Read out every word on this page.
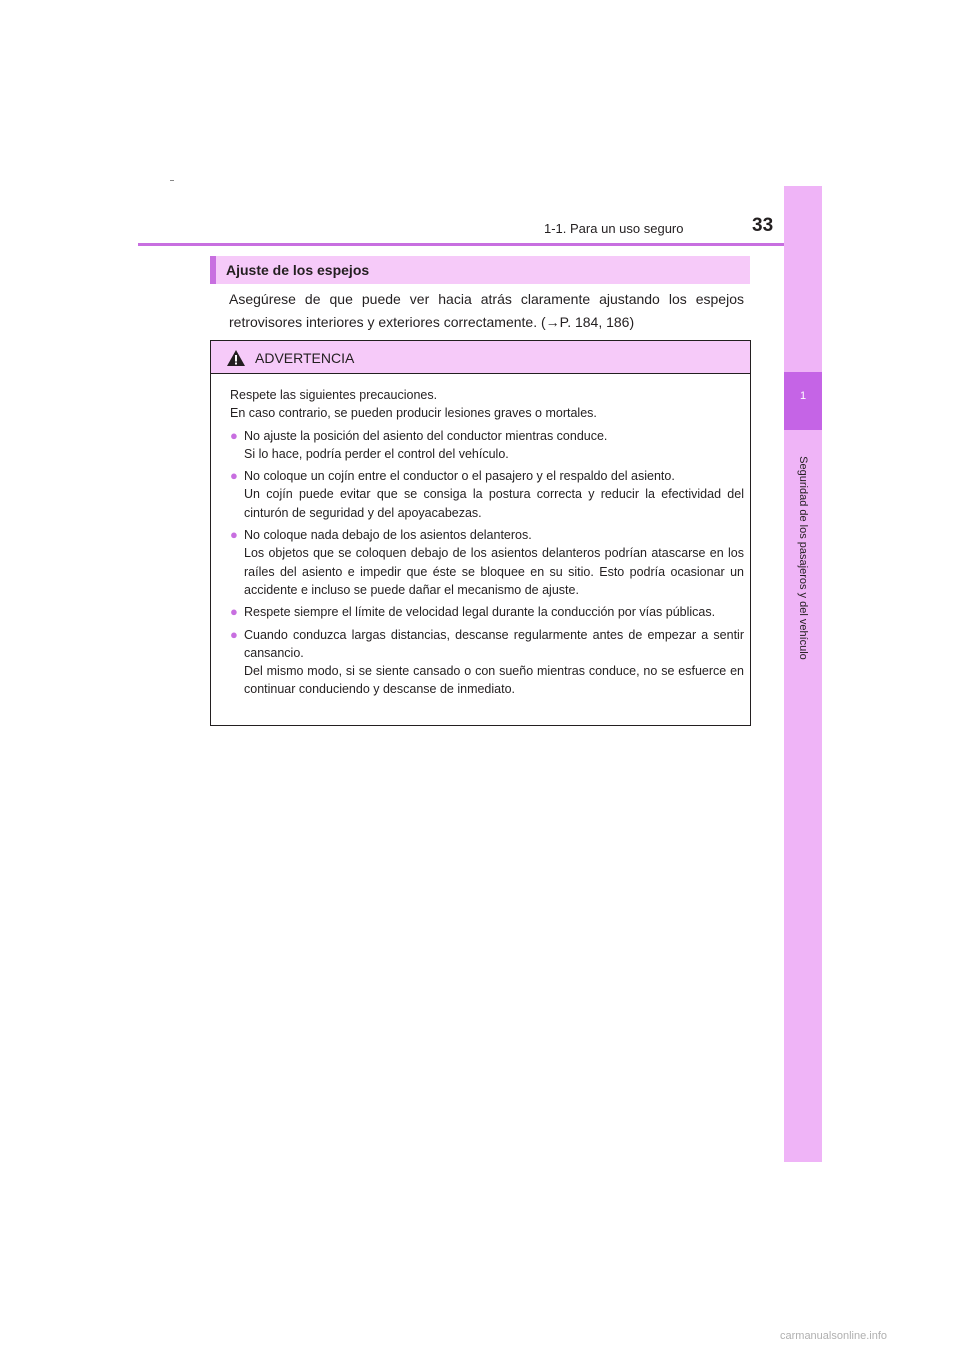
1-1. Para un uso seguro	33
1
Seguridad de los pasajeros y del vehículo
Ajuste de los espejos
Asegúrese de que puede ver hacia atrás claramente ajustando los espejos retrovisores interiores y exteriores correctamente. (→P. 184, 186)
ADVERTENCIA

Respete las siguientes precauciones.

En caso contrario, se pueden producir lesiones graves o mortales.

● No ajuste la posición del asiento del conductor mientras conduce.
Si lo hace, podría perder el control del vehículo.
● No coloque un cojín entre el conductor o el pasajero y el respaldo del asiento.
Un cojín puede evitar que se consiga la postura correcta y reducir la efectividad del cinturón de seguridad y del apoyacabezas.
● No coloque nada debajo de los asientos delanteros.
Los objetos que se coloquen debajo de los asientos delanteros podrían atascarse en los raíles del asiento e impedir que éste se bloquee en su sitio. Esto podría ocasionar un accidente e incluso se puede dañar el mecanismo de ajuste.
● Respete siempre el límite de velocidad legal durante la conducción por vías públicas.
● Cuando conduzca largas distancias, descanse regularmente antes de empezar a sentir cansancio.
Del mismo modo, si se siente cansado o con sueño mientras conduce, no se esfuerce en continuar conduciendo y descanse de inmediato.
carmanualsonline.info
